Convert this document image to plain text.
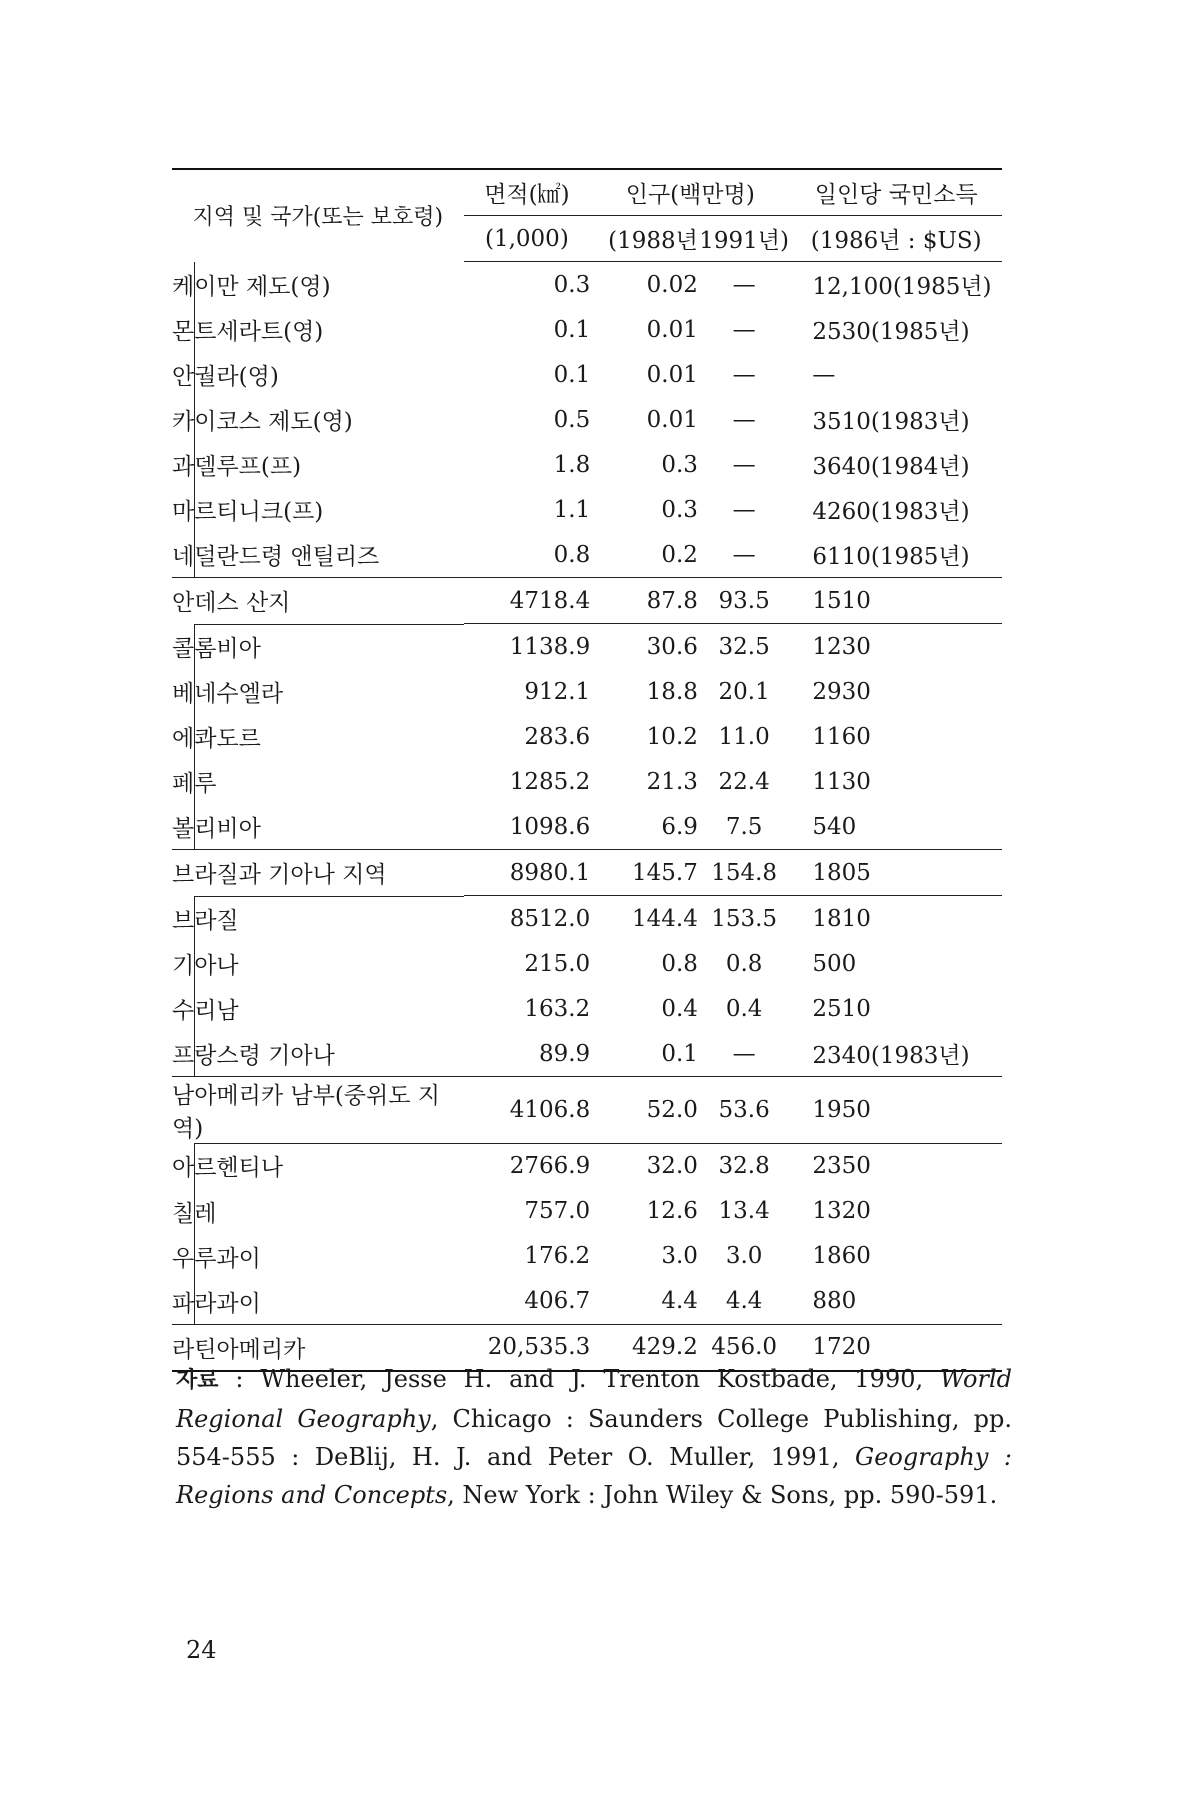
지역 및 국가(또는 보호령)	면적(㎢)	인구(백만명)		일인당 국민소득
	(1,000)	(1988년	1991년)	(1986년 : $US)
케이만 제도(영)	0.3	0.02	—	12,100(1985년)
몬트세라트(영)	0.1	0.01	—	2530(1985년)
안궐라(영)	0.1	0.01	—	—
카이코스 제도(영)	0.5	0.01	—	3510(1983년)
과델루프(프)	1.8	0.3	—	3640(1984년)
마르티니크(프)	1.1	0.3	—	4260(1983년)
네덜란드령 앤틸리즈	0.8	0.2	—	6110(1985년)
안데스 산지	4718.4	87.8	93.5	1510
콜롬비아	1138.9	30.6	32.5	1230
베네수엘라	912.1	18.8	20.1	2930
에콰도르	283.6	10.2	11.0	1160
페루	1285.2	21.3	22.4	1130
볼리비아	1098.6	6.9	7.5	540
브라질과 기아나 지역	8980.1	145.7	154.8	1805
브라질	8512.0	144.4	153.5	1810
기아나	215.0	0.8	0.8	500
수리남	163.2	0.4	0.4	2510
프랑스령 기아나	89.9	0.1	—	2340(1983년)
남아메리카 남부(중위도 지역)	4106.8	52.0	53.6	1950
아르헨티나	2766.9	32.0	32.8	2350
칠레	757.0	12.6	13.4	1320
우루과이	176.2	3.0	3.0	1860
파라과이	406.7	4.4	4.4	880
라틴아메리카	20,535.3	429.2	456.0	1720
자료 : Wheeler, Jesse H. and J. Trenton Kostbade, 1990, World Regional Geography, Chicago : Saunders College Publishing, pp. 554-555 : DeBlij, H. J. and Peter O. Muller, 1991, Geography : Regions and Concepts, New York : John Wiley & Sons, pp. 590-591.
24
